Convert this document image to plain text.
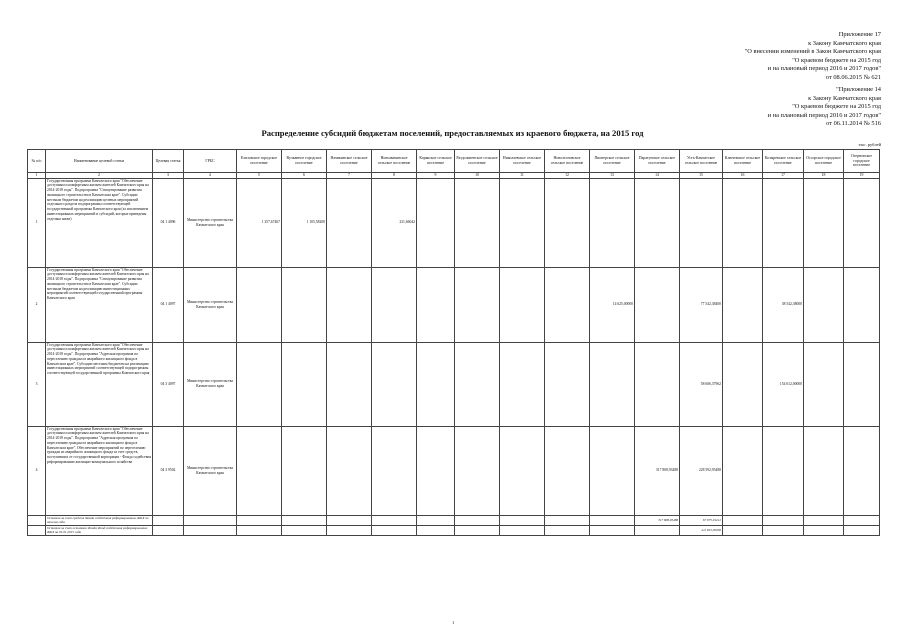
Приложение 17
к Закону Камчатского края
"О внесении изменений в Закон Камчатского края
"О краевом бюджете на 2015 год
и на плановый период 2016 и 2017 годов"
от 08.06.2015 № 621
"Приложение 14
к Закону Камчатского края
"О краевом бюджете на 2015 год
и на плановый период 2016 и 2017 годов"
от 06.11.2014 № 516
Распределение субсидий бюджетам поселений, предоставляемых из краевого бюджета, на 2015 год
тыс. рублей
№ п/п	Наименование целевой статьи	Целевая статья	ГРБС	Елизовское городское поселение	Вулканное городское поселение	Начикинское сельское поселение	Новоавачинское сельское поселение	Корякское сельское поселение	Раздольненское сельское поселение	Николаевское сельское поселение	Новолесновское сельское поселение	Пионерское сельское поселение	Паратунское сельское поселение	Усть-Камчатское сельское поселение	Ключевское сельское поселение	Козыревское сельское поселение	Оссорское городское поселение	Озерновское городское поселение
1	2	3	4	5	6	7	8	9	10	11	12	13	14	15	16	17	18	19
1	Государственная программа Камчатского края "Обеспечение доступным и комфортным жильем жителей Камчатского края на 2014-2018 годы". Подпрограмма "Стимулирование развития жилищного строительства в Камчатском крае". Субсидии местным бюджетам на реализацию целевых мероприятий отдельного раздела подпрограммы соответствующей государственной программы Камчатского края (за исключением инвестиционных мероприятий и субсидий, которые приведены отдельно ниже)	04 1 4096	Министерство строительства Камчатского края	1 357,67467	1 105,58200		231,66042											
2	Государственная программа Камчатского края "Обеспечение доступным и комфортным жильем жителей Камчатского края на 2014-2018 годы". Подпрограмма "Стимулирование развития жилищного строительства в Камчатском крае". Субсидии местным бюджетам на реализацию инвестиционных мероприятий соответствующей государственной программы Камчатского края	04 1 4097	Министерство строительства Камчатского края									14 625,00000		77 542,38400		38 542,38000		
3	Государственная программа Камчатского края "Обеспечение доступным и комфортным жильем жителей Камчатского края на 2014-2018 годы". Подпрограмма "Адресная программа по переселению граждан из аварийного жилищного фонда в Камчатском крае". Субсидии местным бюджетам на реализацию инвестиционных мероприятий соответствующей подпрограммы соответствующей государственной программы Камчатского края	04 3 4097	Министерство строительства Камчатского края											58 606,37962		154 612,00000		
4	Государственная программа Камчатского края "Обеспечение доступным и комфортным жильем жителей Камчатского края на 2014-2018 годы". Подпрограмма "Адресная программа по переселению граждан из аварийного жилищного фонда в Камчатском крае". Обеспечение мероприятий по переселению граждан из аварийного жилищного фонда за счет средств, поступивших от государственной корпорации - Фонда содействия реформированию жилищно-коммунального хозяйства	04 3 9502	Министерство строительства Камчатского края										317 808,93488	228 592,95488				
	Остаток за счет средств Фонда содействия реформированию ЖКХ по итогам года												317 808,93488	67 075,19212				
	Остаток за счет остатков Фонда Фонд содействия реформированию ЖКХ на 01.01.2015 года													211 815,95036				
1
